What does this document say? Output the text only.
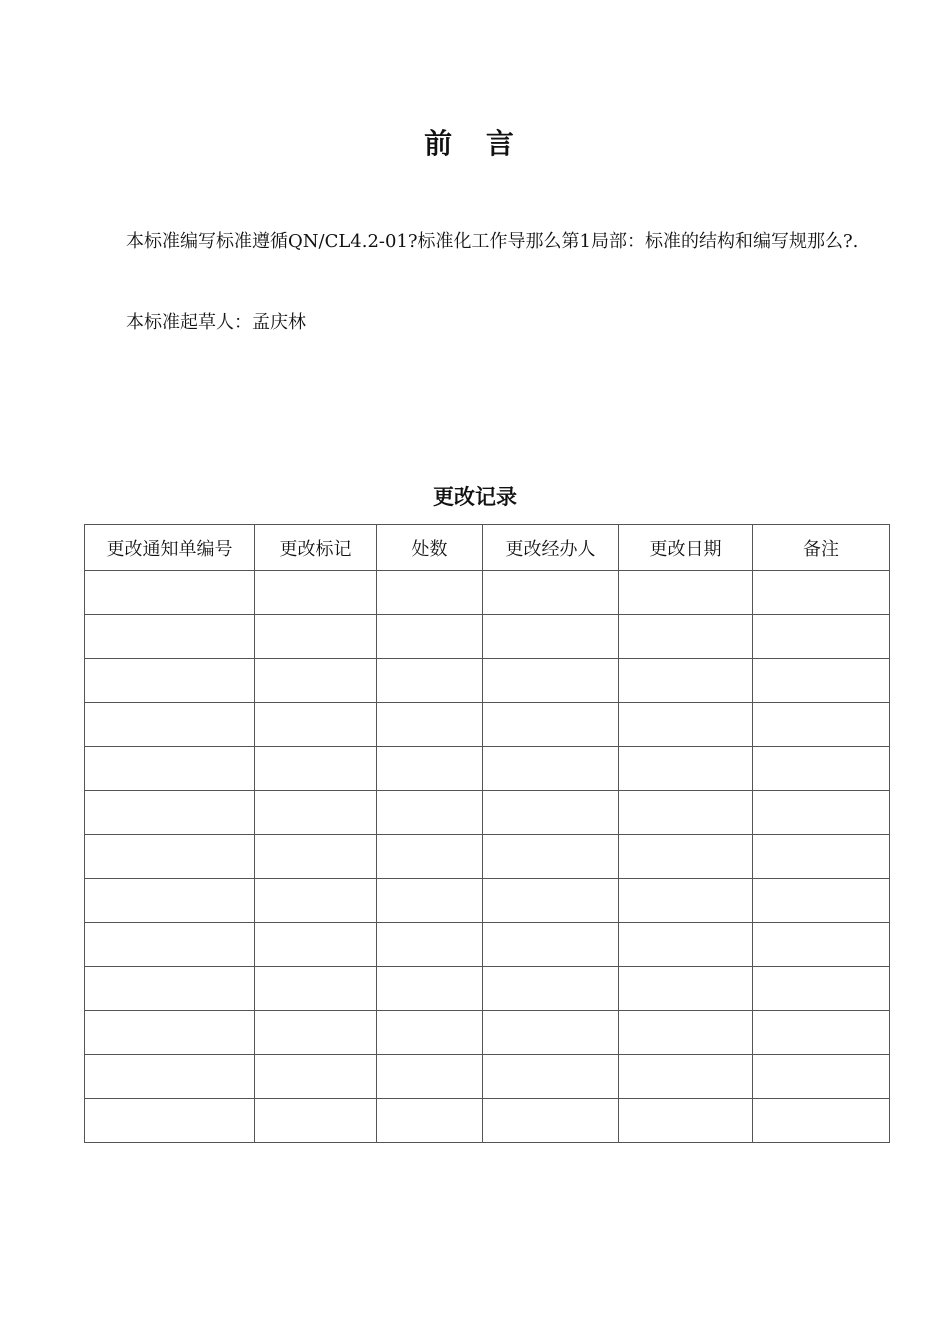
前 言
本标准编写标准遵循QN/CL4.2-01?标准化工作导那么第1局部：标准的结构和编写规那么?.
本标准起草人：孟庆林
更改记录
更改通知单编号	更改标记	处数	更改经办人	更改日期	备注
